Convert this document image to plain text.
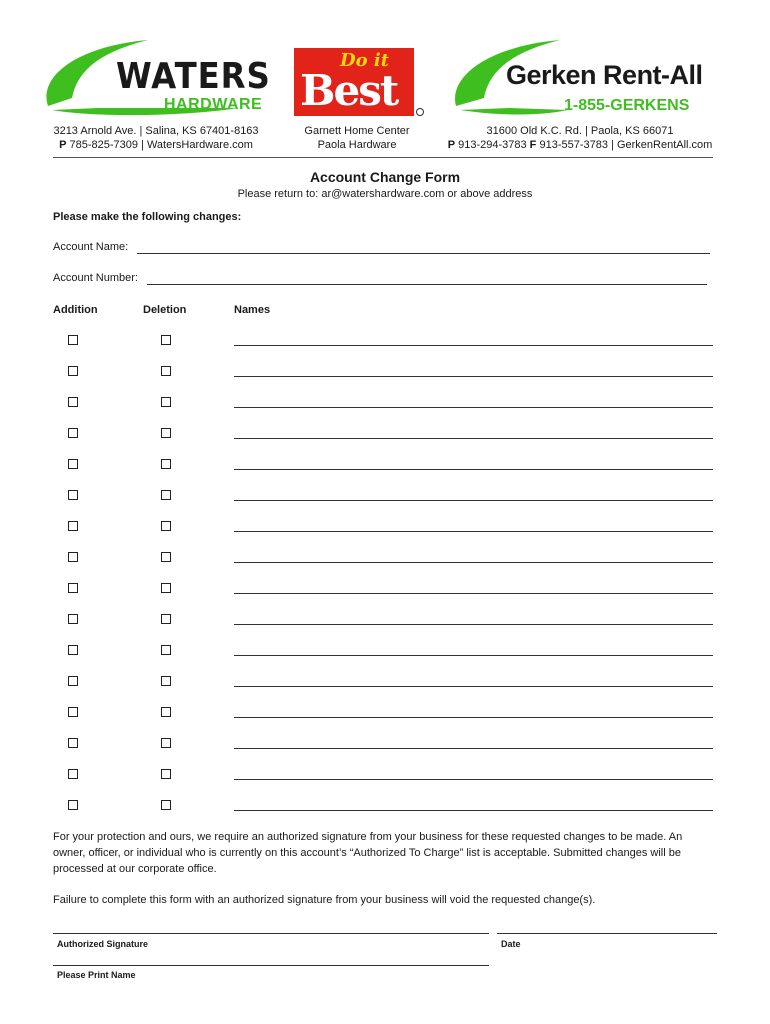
WATERS
HARDWARE
Do it
Best	Gerken Rent-All
1-855-GERKENS
3213 Arnold Ave. | Salina, KS 67401-8163
P 785-825-7309 | WatersHardware.com
Garnett Home Center
Paola Hardware
31600 Old K.C. Rd. | Paola, KS 66071
P 913-294-3783 F 913-557-3783 | GerkenRentAll.com
Account Change Form
Please return to: ar@watershardware.com or above address
Please make the following changes:
Account Name:
Account Number:
Addition	Deletion	Names
For your protection and ours, we require an authorized signature from your business for these requested changes to be made. An owner, officer, or individual who is currently on this account’s “Authorized To Charge” list is acceptable. Submitted changes will be processed at our corporate office.
Failure to complete this form with an authorized signature from your business will void the requested change(s).
Authorized Signature	Date
Please Print Name
